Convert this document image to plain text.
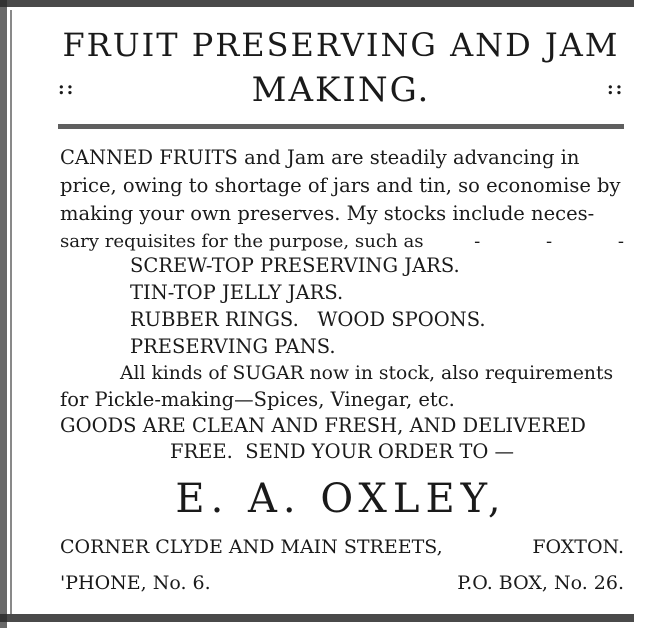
FRUIT PRESERVING AND JAM
MAKING.
::	::
CANNED FRUITS and Jam are steadily advancing in
price, owing to shortage of jars and tin, so economise by
making your own preserves. My stocks include neces-
sary requisites for the purpose, such as	- - -
SCREW-TOP PRESERVING JARS.
TIN-TOP JELLY JARS.
RUBBER RINGS.   WOOD SPOONS.
PRESERVING PANS.
All kinds of SUGAR now in stock, also requirements
for Pickle-making—Spices, Vinegar, etc.
GOODS ARE CLEAN AND FRESH, AND DELIVERED
FREE.  SEND YOUR ORDER TO —
E. A. OXLEY,
CORNER CLYDE AND MAIN STREETS,	FOXTON.
'PHONE, No. 6.	P.O. BOX, No. 26.
